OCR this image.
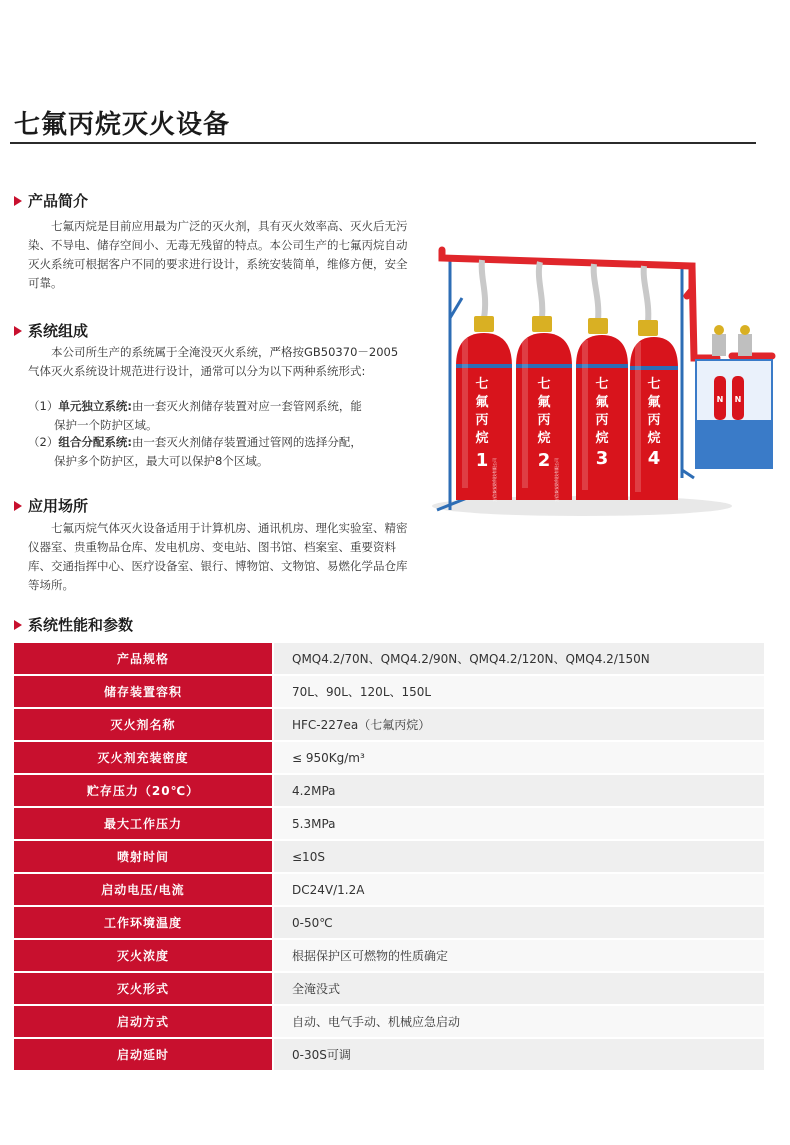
七氟丙烷灭火设备
产品简介
七氟丙烷是目前应用最为广泛的灭火剂，具有灭火效率高、灭火后无污染、不导电、储存空间小、无毒无残留的特点。本公司生产的七氟丙烷自动灭火系统可根据客户不同的要求进行设计，系统安装简单，维修方便，安全可靠。
系统组成
本公司所生产的系统属于全淹没灭火系统，严格按GB50370－2005气体灭火系统设计规范进行设计，通常可以分为以下两种系统形式:
（1）单元独立系统:由一套灭火剂储存装置对应一套管网系统，能
保护一个防护区域。
（2）组合分配系统:由一套灭火剂储存装置通过管网的选择分配，
保护多个防护区，最大可以保护8个区域。
应用场所
七氟丙烷气体灭火设备适用于计算机房、通讯机房、理化实验室、精密仪器室、贵重物品仓库、发电机房、变电站、图书馆、档案室、重要资料库、交通指挥中心、医疗设备室、银行、博物馆、文物馆、易燃化学品仓库等场所。
七
氟
丙
烷
1
七
氟
丙
烷
2
七
氟
丙
烷
3
七
氟
丙
烷
4
万信泰安防科技有限公司	万信泰安防科技有限公司
N N
系统性能和参数
产品规格	QMQ4.2/70N、QMQ4.2/90N、QMQ4.2/120N、QMQ4.2/150N
储存装置容积	70L、90L、120L、150L
灭火剂名称	HFC-227ea（七氟丙烷）
灭火剂充装密度	≤ 950Kg/m³
贮存压力（20℃）	4.2MPa
最大工作压力	5.3MPa
喷射时间	≤10S
启动电压/电流	DC24V/1.2A
工作环境温度	0-50℃
灭火浓度	根据保护区可燃物的性质确定
灭火形式	全淹没式
启动方式	自动、电气手动、机械应急启动
启动延时	0-30S可调
